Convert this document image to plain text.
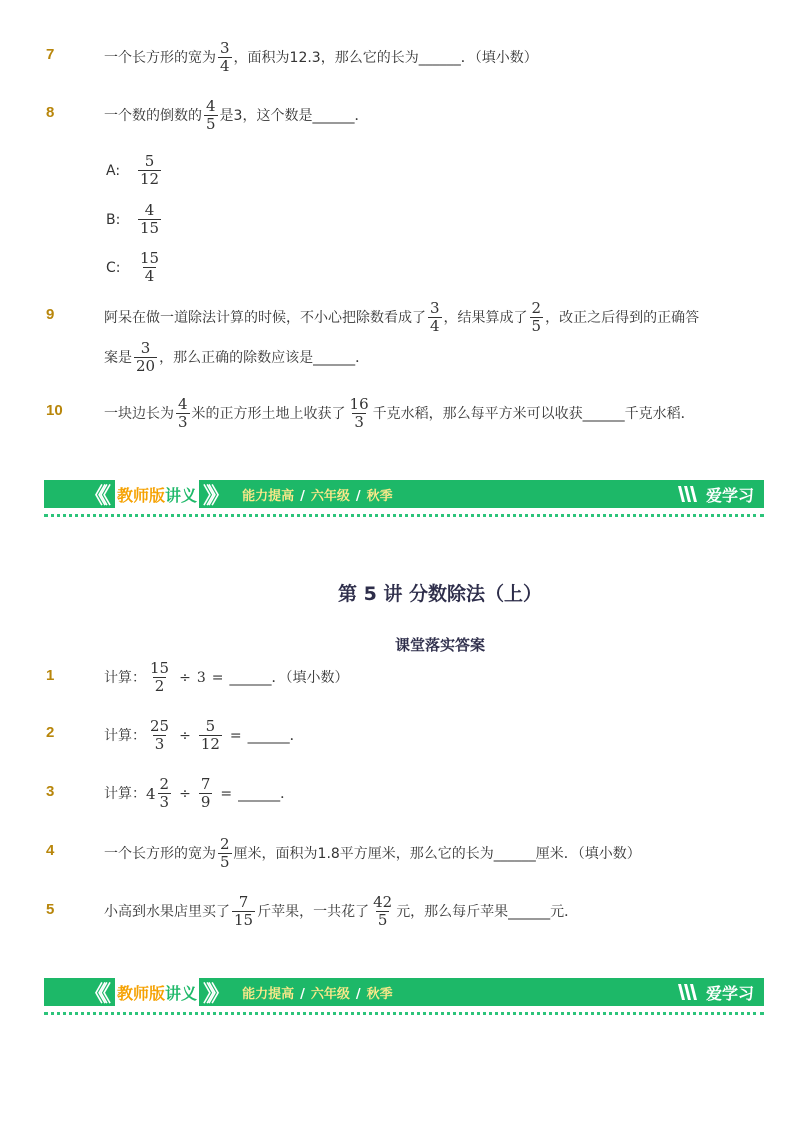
7	一个长方形的宽为 $\frac{3}{4}$ ，面积为12.3，那么它的长为______．（填小数）
8	一个数的倒数的 $\frac{4}{5}$ 是3，这个数是______．
A:	$\frac{5}{12}$
B:	$\frac{4}{15}$
C:	$\frac{15}{4}$
9	阿呆在做一道除法计算的时候，不小心把除数看成了 $\frac{3}{4}$ ，结果算成了 $\frac{2}{5}$ ，改正之后得到的正确答
案是 $\frac{3}{20}$ ，那么正确的除数应该是______．
10	一块边长为 $\frac{4}{3}$ 米的正方形土地上收获了 $\frac{16}{3}$ 千克水稻，那么每平方米可以收获______千克水稻．
《《 教师版 讲义 》》 能力提高 / 六年级 / 秋季	爱学习
第 5 讲 分数除法（上）
课堂落实答案
1	计算： $\frac{15}{2} \div 3$ = ______．（填小数）
2	计算： $\frac{25}{3} \div \frac{5}{12}$ = ______．
3	计算： $4 \frac{2}{3} \div \frac{7}{9}$ = ______．
4	一个长方形的宽为 $\frac{2}{5}$ 厘米，面积为1.8平方厘米，那么它的长为______厘米．（填小数）
5	小高到水果店里买了 $\frac{7}{15}$ 斤苹果，一共花了 $\frac{42}{5}$ 元，那么每斤苹果______元．
《《 教师版 讲义 》》 能力提高 / 六年级 / 秋季	爱学习
